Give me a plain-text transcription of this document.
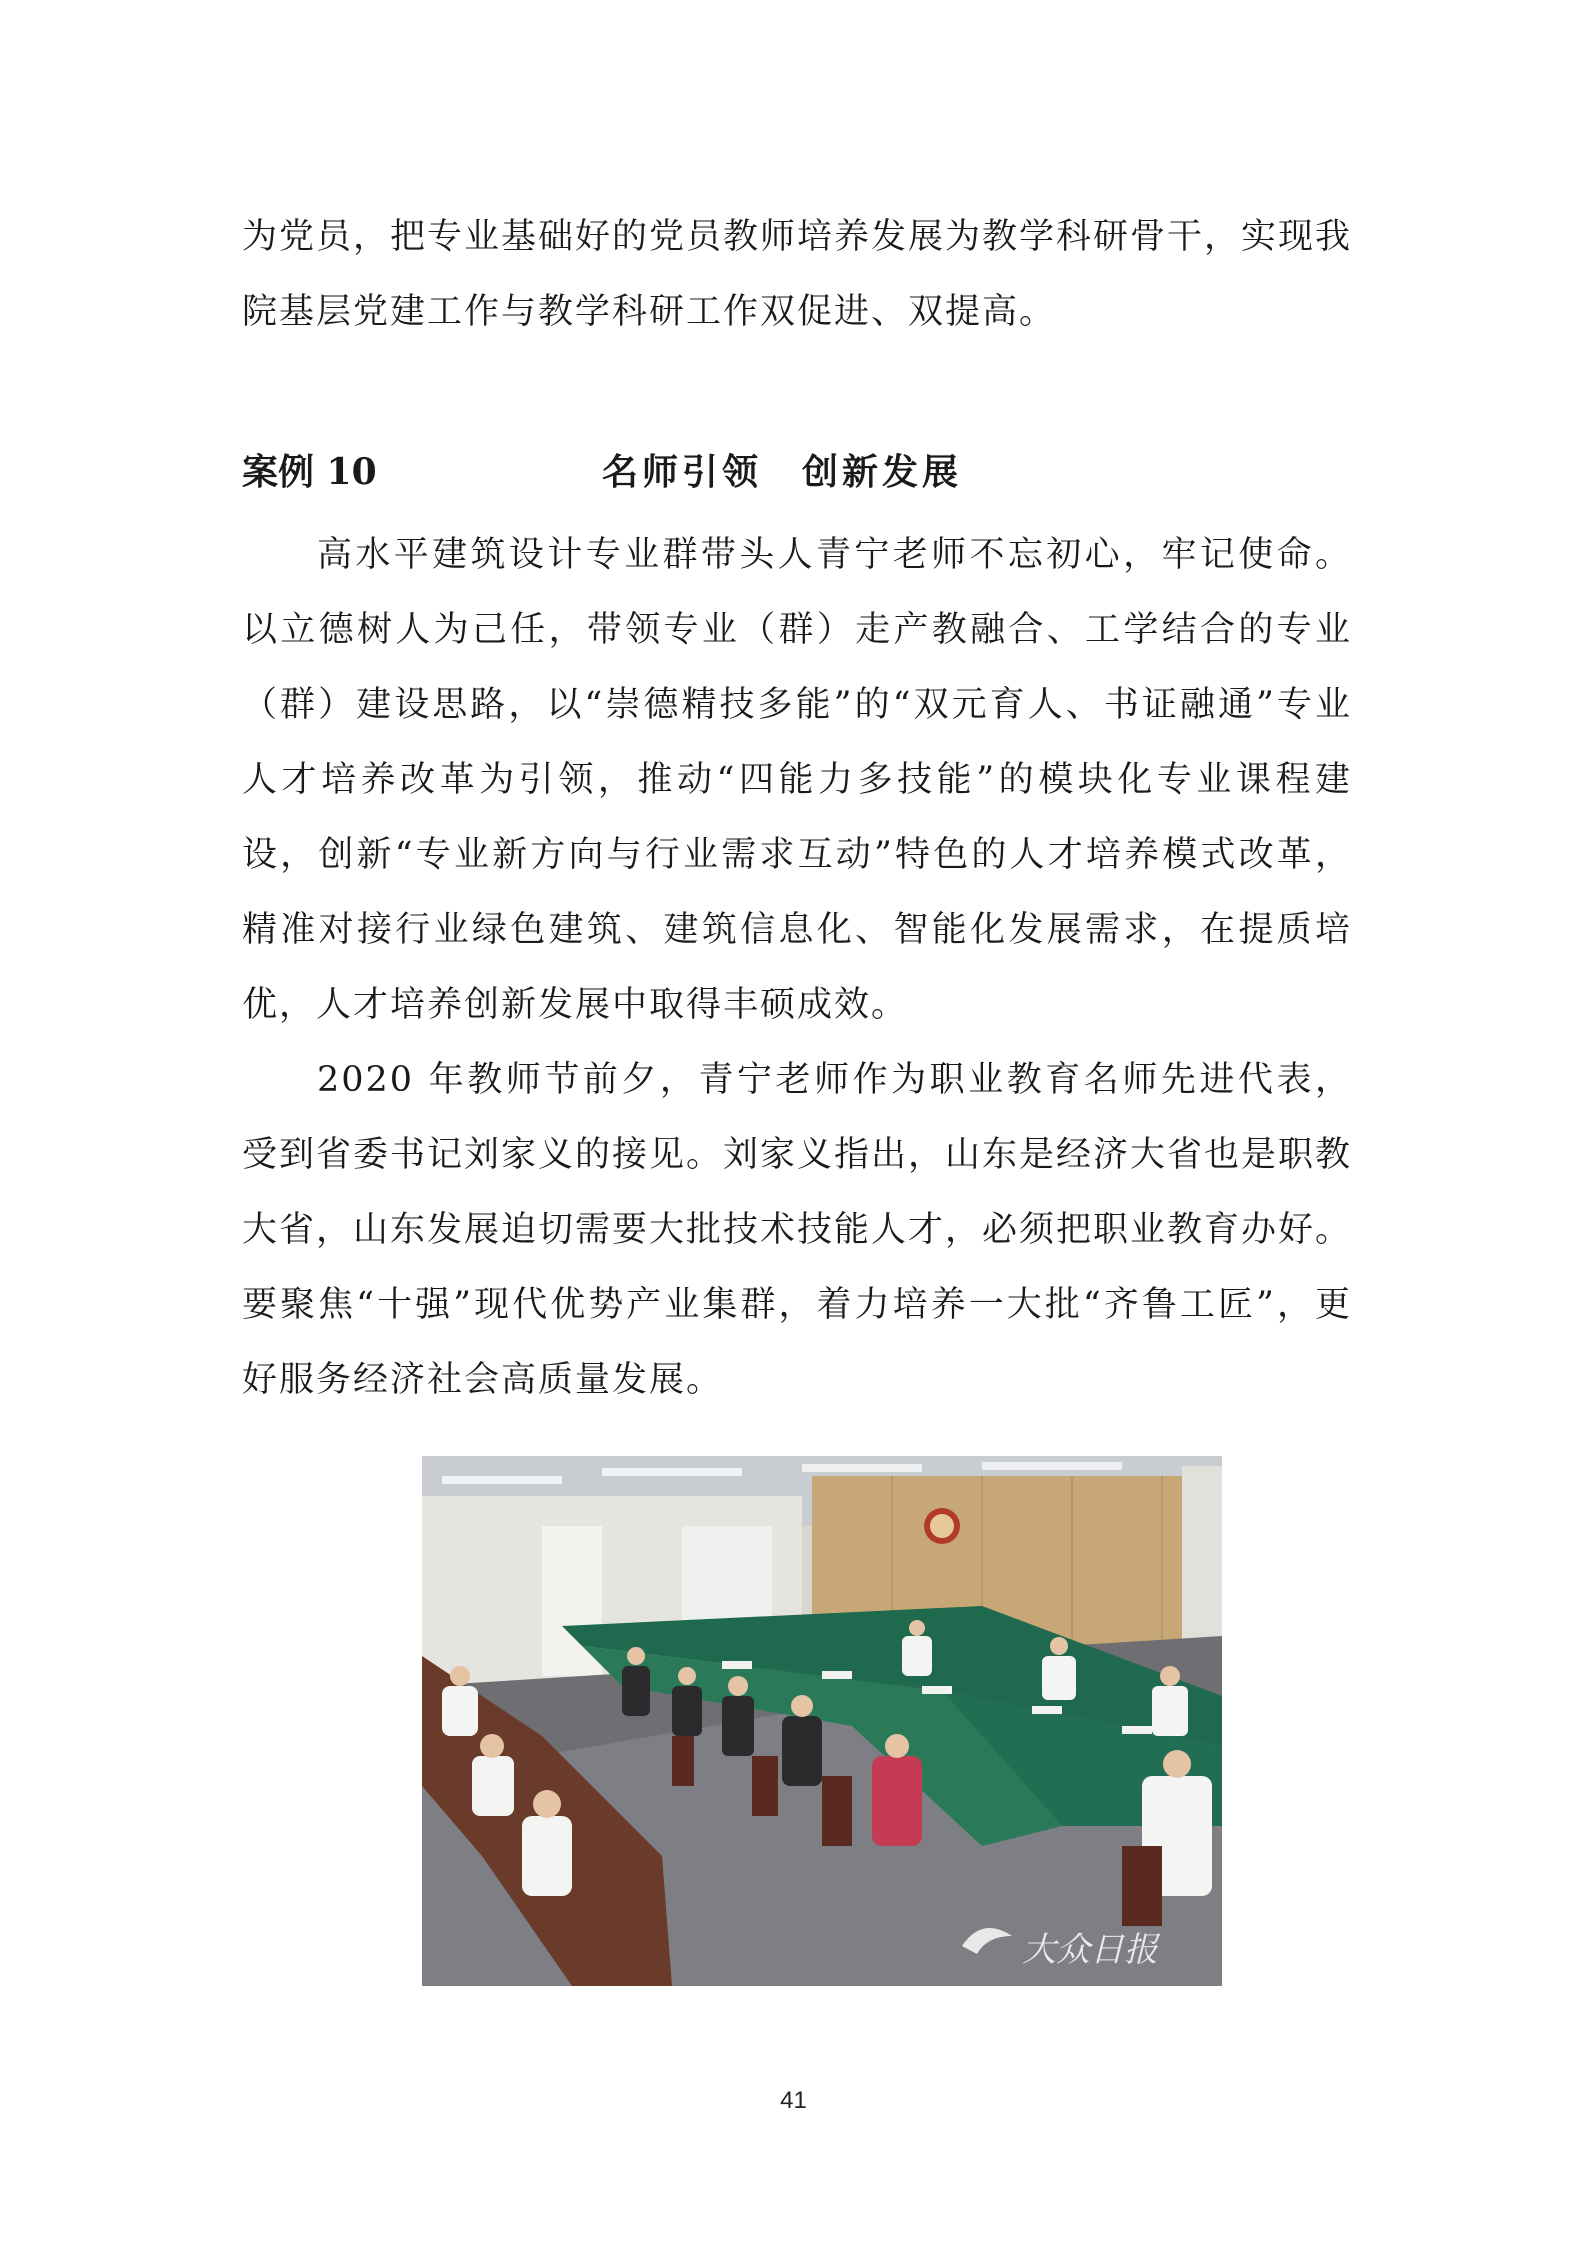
为党员，把专业基础好的党员教师培养发展为教学科研骨干，实现我院基层党建工作与教学科研工作双促进、双提高。

案例 10	名师引领　创新发展

高水平建筑设计专业群带头人青宁老师不忘初心，牢记使命。以立德树人为己任，带领专业（群）走产教融合、工学结合的专业（群）建设思路，以“崇德精技多能”的“双元育人、书证融通”专业人才培养改革为引领，推动“四能力多技能”的模块化专业课程建设，创新“专业新方向与行业需求互动”特色的人才培养模式改革，精准对接行业绿色建筑、建筑信息化、智能化发展需求，在提质培优，人才培养创新发展中取得丰硕成效。

2020 年教师节前夕，青宁老师作为职业教育名师先进代表，受到省委书记刘家义的接见。刘家义指出，山东是经济大省也是职教大省，山东发展迫切需要大批技术技能人才，必须把职业教育办好。要聚焦“十强”现代优势产业集群，着力培养一大批“齐鲁工匠”，更好服务经济社会高质量发展。

大众日报
41
